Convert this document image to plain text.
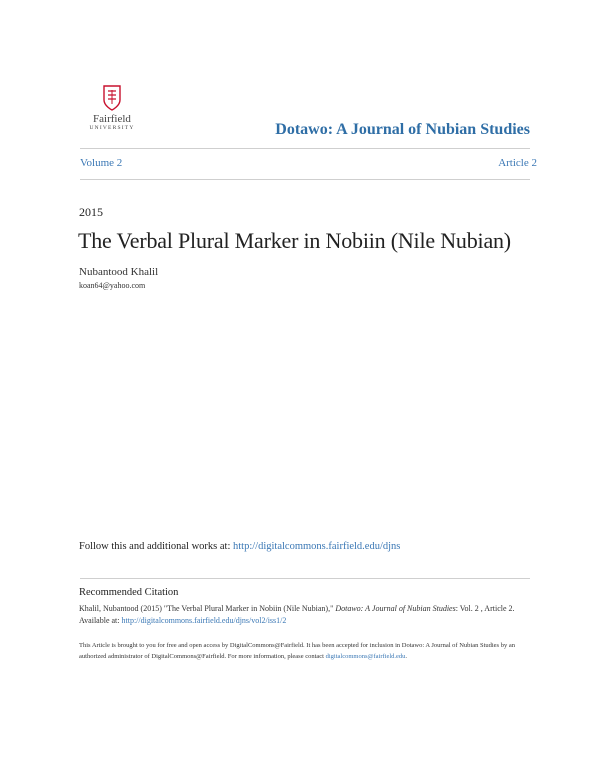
Fairfield
UNIVERSITY	Dotawo: A Journal of Nubian Studies
Volume 2	Article 2
2015
The Verbal Plural Marker in Nobiin (Nile Nubian)
Nubantood Khalil
koan64@yahoo.com
Follow this and additional works at: http://digitalcommons.fairfield.edu/djns
Recommended Citation
Khalil, Nubantood (2015) "The Verbal Plural Marker in Nobiin (Nile Nubian)," Dotawo: A Journal of Nubian Studies: Vol. 2 , Article 2.
Available at: http://digitalcommons.fairfield.edu/djns/vol2/iss1/2
This Article is brought to you for free and open access by DigitalCommons@Fairfield. It has been accepted for inclusion in Dotawo: A Journal of Nubian Studies by an authorized administrator of DigitalCommons@Fairfield. For more information, please contact digitalcommons@fairfield.edu.
